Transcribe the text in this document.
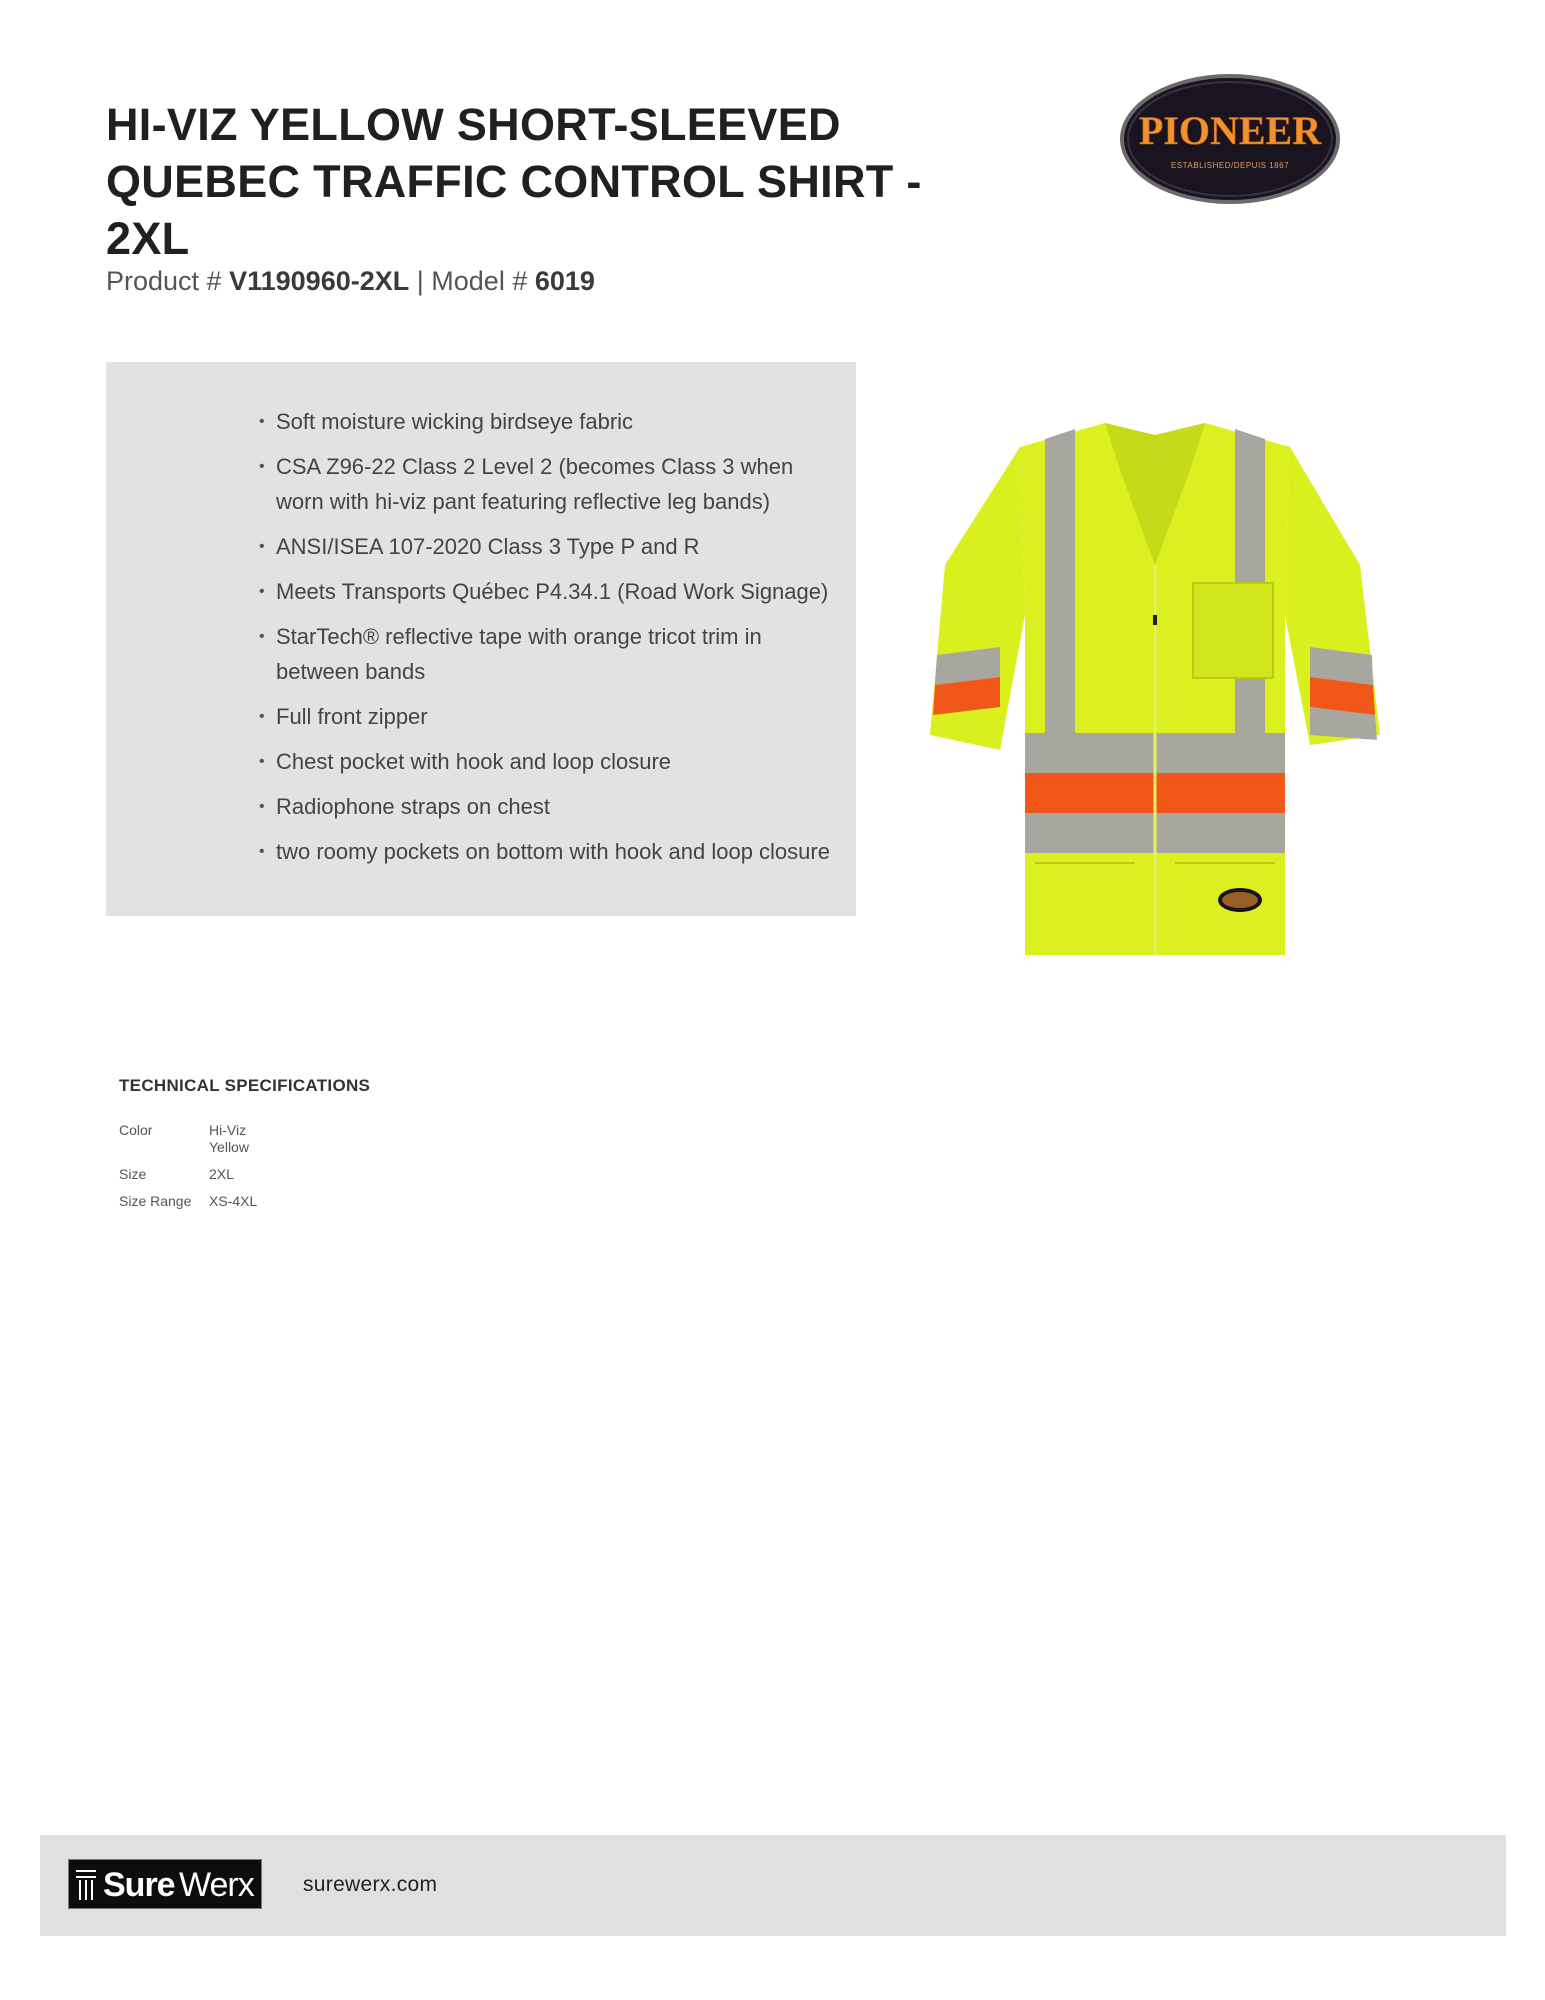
HI-VIZ YELLOW SHORT-SLEEVED QUEBEC TRAFFIC CONTROL SHIRT - 2XL
Product # V1190960-2XL | Model # 6019
PIONEER
ESTABLISHED/DEPUIS 1867
• Soft moisture wicking birdseye fabric
• CSA Z96-22 Class 2 Level 2 (becomes Class 3 when worn with hi-viz pant featuring reflective leg bands)
• ANSI/ISEA 107-2020 Class 3 Type P and R
• Meets Transports Québec P4.34.1 (Road Work Signage)
• StarTech® reflective tape with orange tricot trim in between bands
• Full front zipper
• Chest pocket with hook and loop closure
• Radiophone straps on chest
• two roomy pockets on bottom with hook and loop closure
TECHNICAL SPECIFICATIONS
Color	Hi-Viz Yellow
Size	2XL
Size Range	XS-4XL
Sure Werx surewerx.com
